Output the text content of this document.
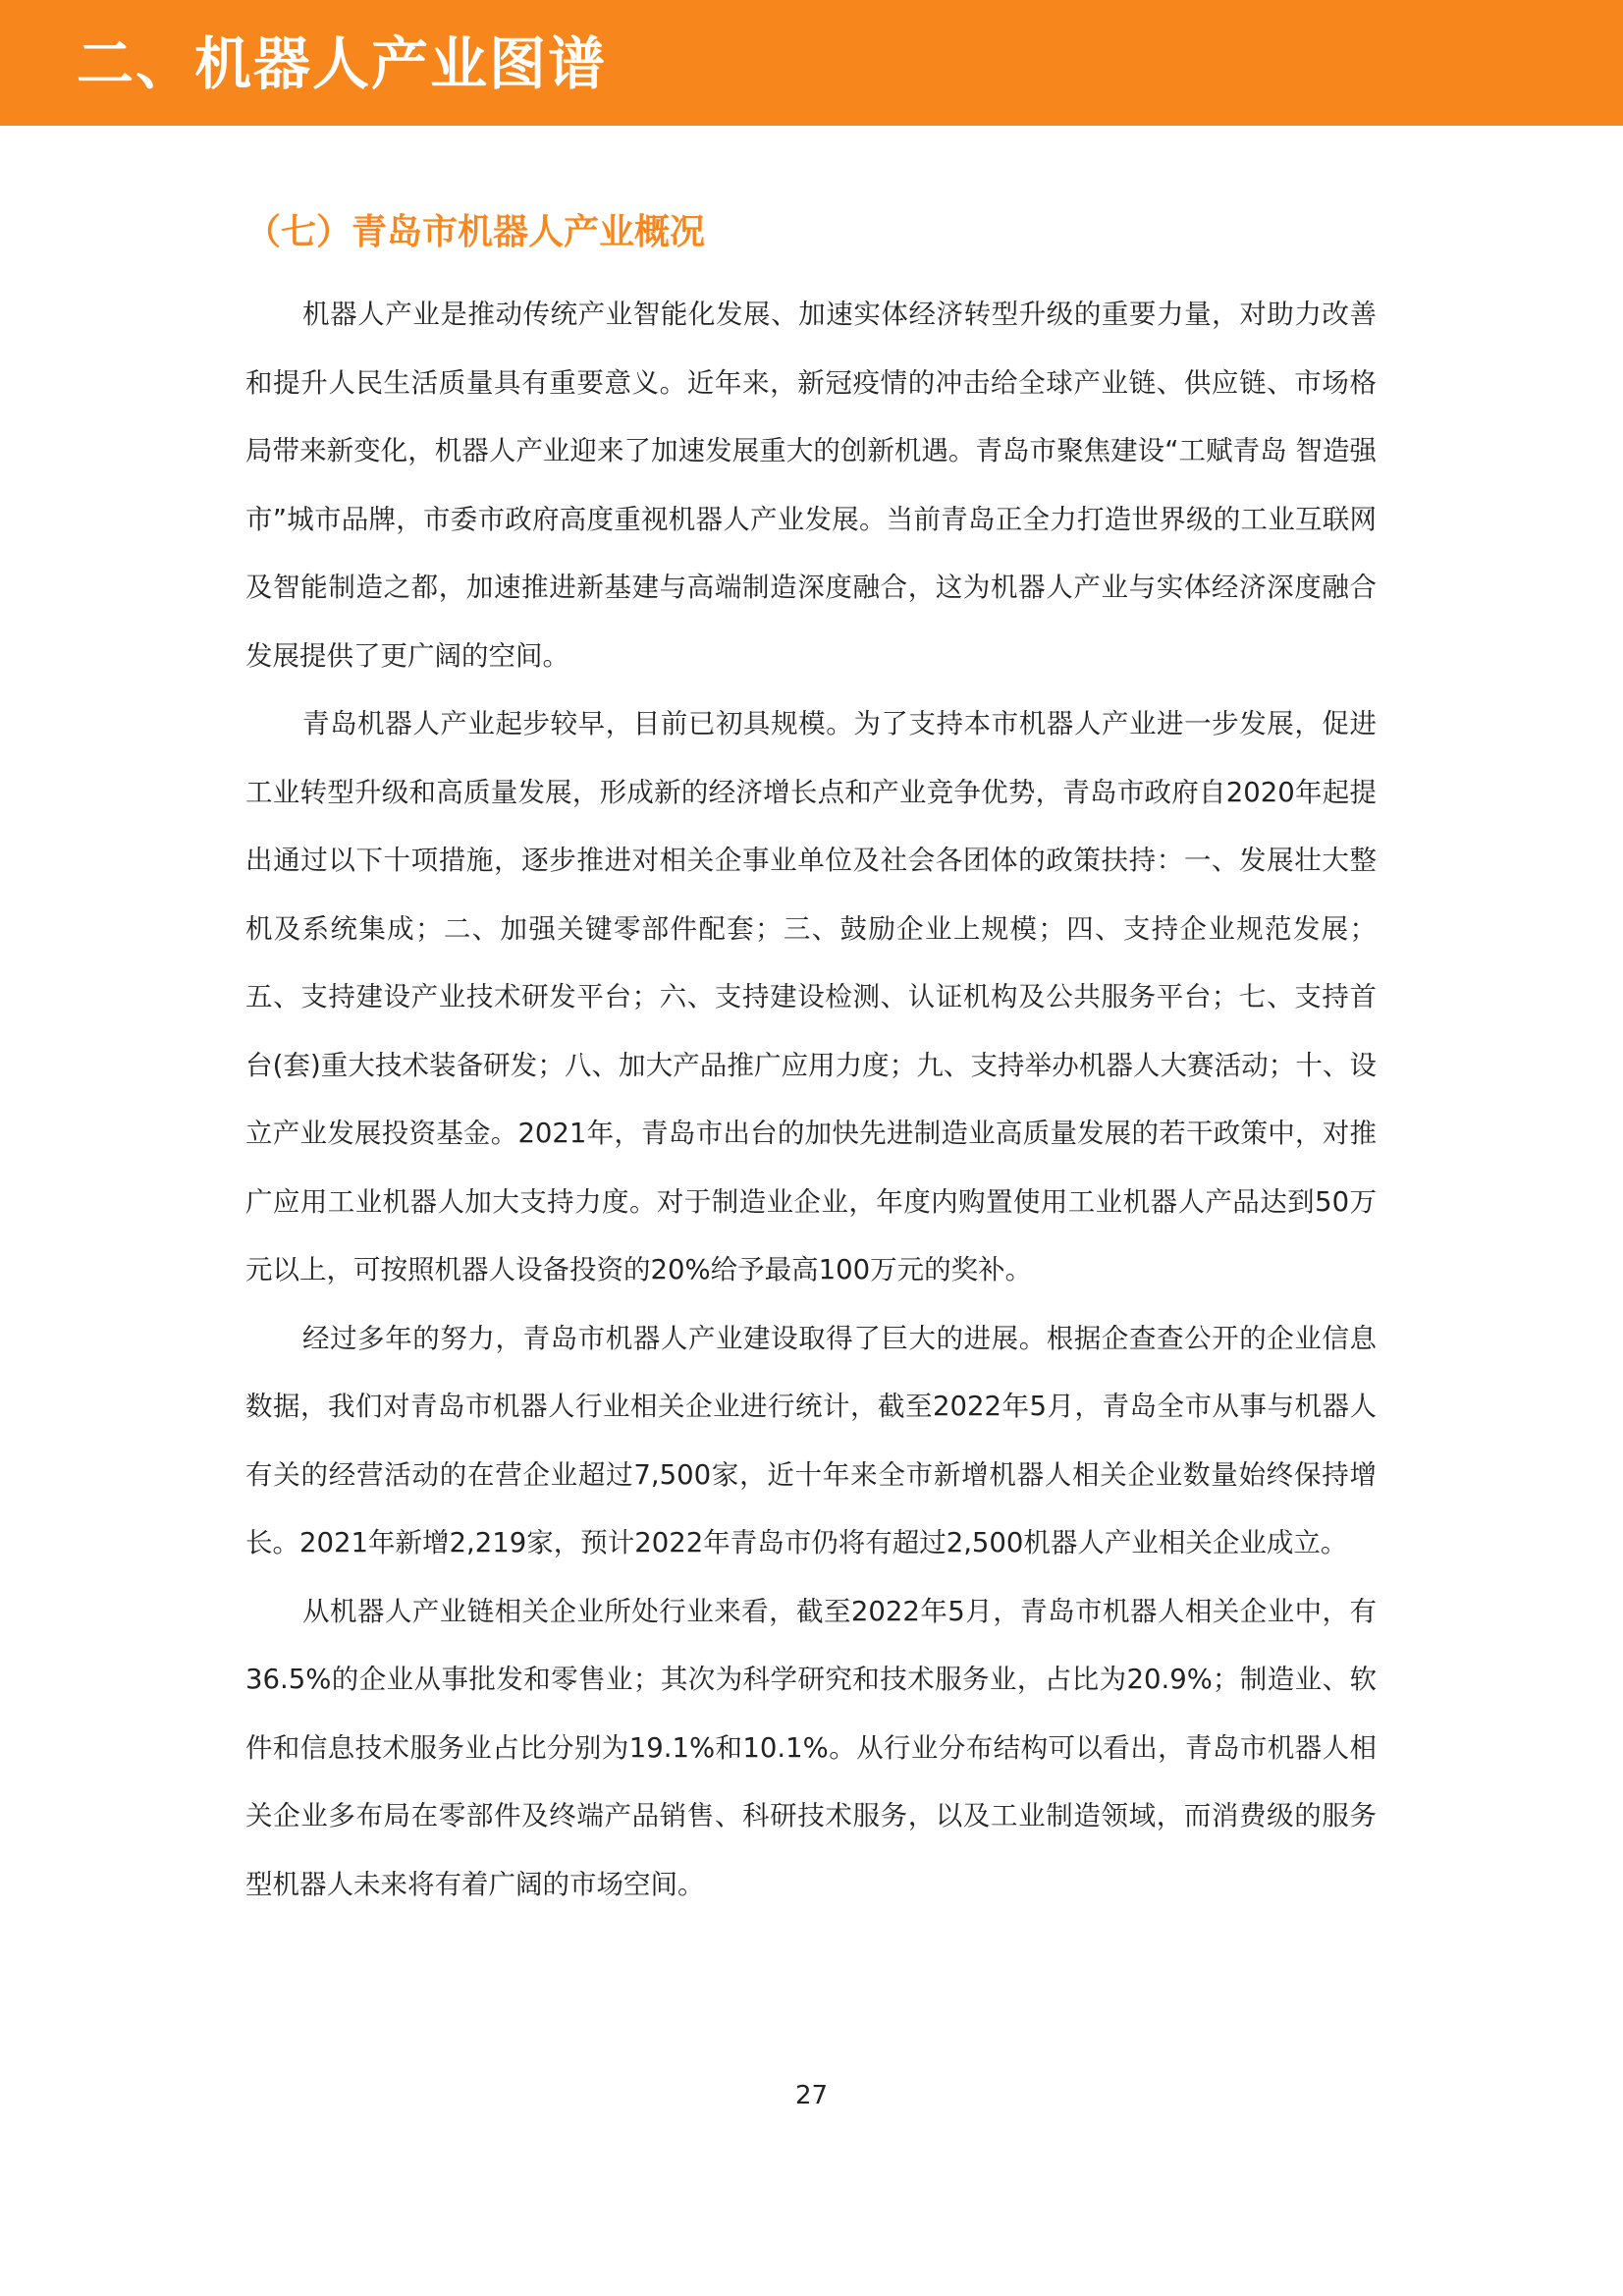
二、机器人产业图谱
（七）青岛市机器人产业概况

机器人产业是推动传统产业智能化发展、加速实体经济转型升级的重要力量，对助力改善和提升人民生活质量具有重要意义。近年来，新冠疫情的冲击给全球产业链、供应链、市场格局带来新变化，机器人产业迎来了加速发展重大的创新机遇。青岛市聚焦建设“工赋青岛 智造强市”城市品牌，市委市政府高度重视机器人产业发展。当前青岛正全力打造世界级的工业互联网及智能制造之都，加速推进新基建与高端制造深度融合，这为机器人产业与实体经济深度融合发展提供了更广阔的空间。

青岛机器人产业起步较早，目前已初具规模。为了支持本市机器人产业进一步发展，促进工业转型升级和高质量发展，形成新的经济增长点和产业竞争优势，青岛市政府自2020年起提出通过以下十项措施，逐步推进对相关企事业单位及社会各团体的政策扶持：一、发展壮大整机及系统集成；二、加强关键零部件配套；三、鼓励企业上规模；四、支持企业规范发展；五、支持建设产业技术研发平台；六、支持建设检测、认证机构及公共服务平台；七、支持首台(套)重大技术装备研发；八、加大产品推广应用力度；九、支持举办机器人大赛活动；十、设立产业发展投资基金。2021年，青岛市出台的加快先进制造业高质量发展的若干政策中，对推广应用工业机器人加大支持力度。对于制造业企业，年度内购置使用工业机器人产品达到50万元以上，可按照机器人设备投资的20%给予最高100万元的奖补。

经过多年的努力，青岛市机器人产业建设取得了巨大的进展。根据企查查公开的企业信息数据，我们对青岛市机器人行业相关企业进行统计，截至2022年5月，青岛全市从事与机器人有关的经营活动的在营企业超过7,500家，近十年来全市新增机器人相关企业数量始终保持增长。2021年新增2,219家，预计2022年青岛市仍将有超过2,500机器人产业相关企业成立。

从机器人产业链相关企业所处行业来看，截至2022年5月，青岛市机器人相关企业中，有36.5%的企业从事批发和零售业；其次为科学研究和技术服务业，占比为20.9%；制造业、软件和信息技术服务业占比分别为19.1%和10.1%。从行业分布结构可以看出，青岛市机器人相关企业多布局在零部件及终端产品销售、科研技术服务，以及工业制造领域，而消费级的服务型机器人未来将有着广阔的市场空间。

27
